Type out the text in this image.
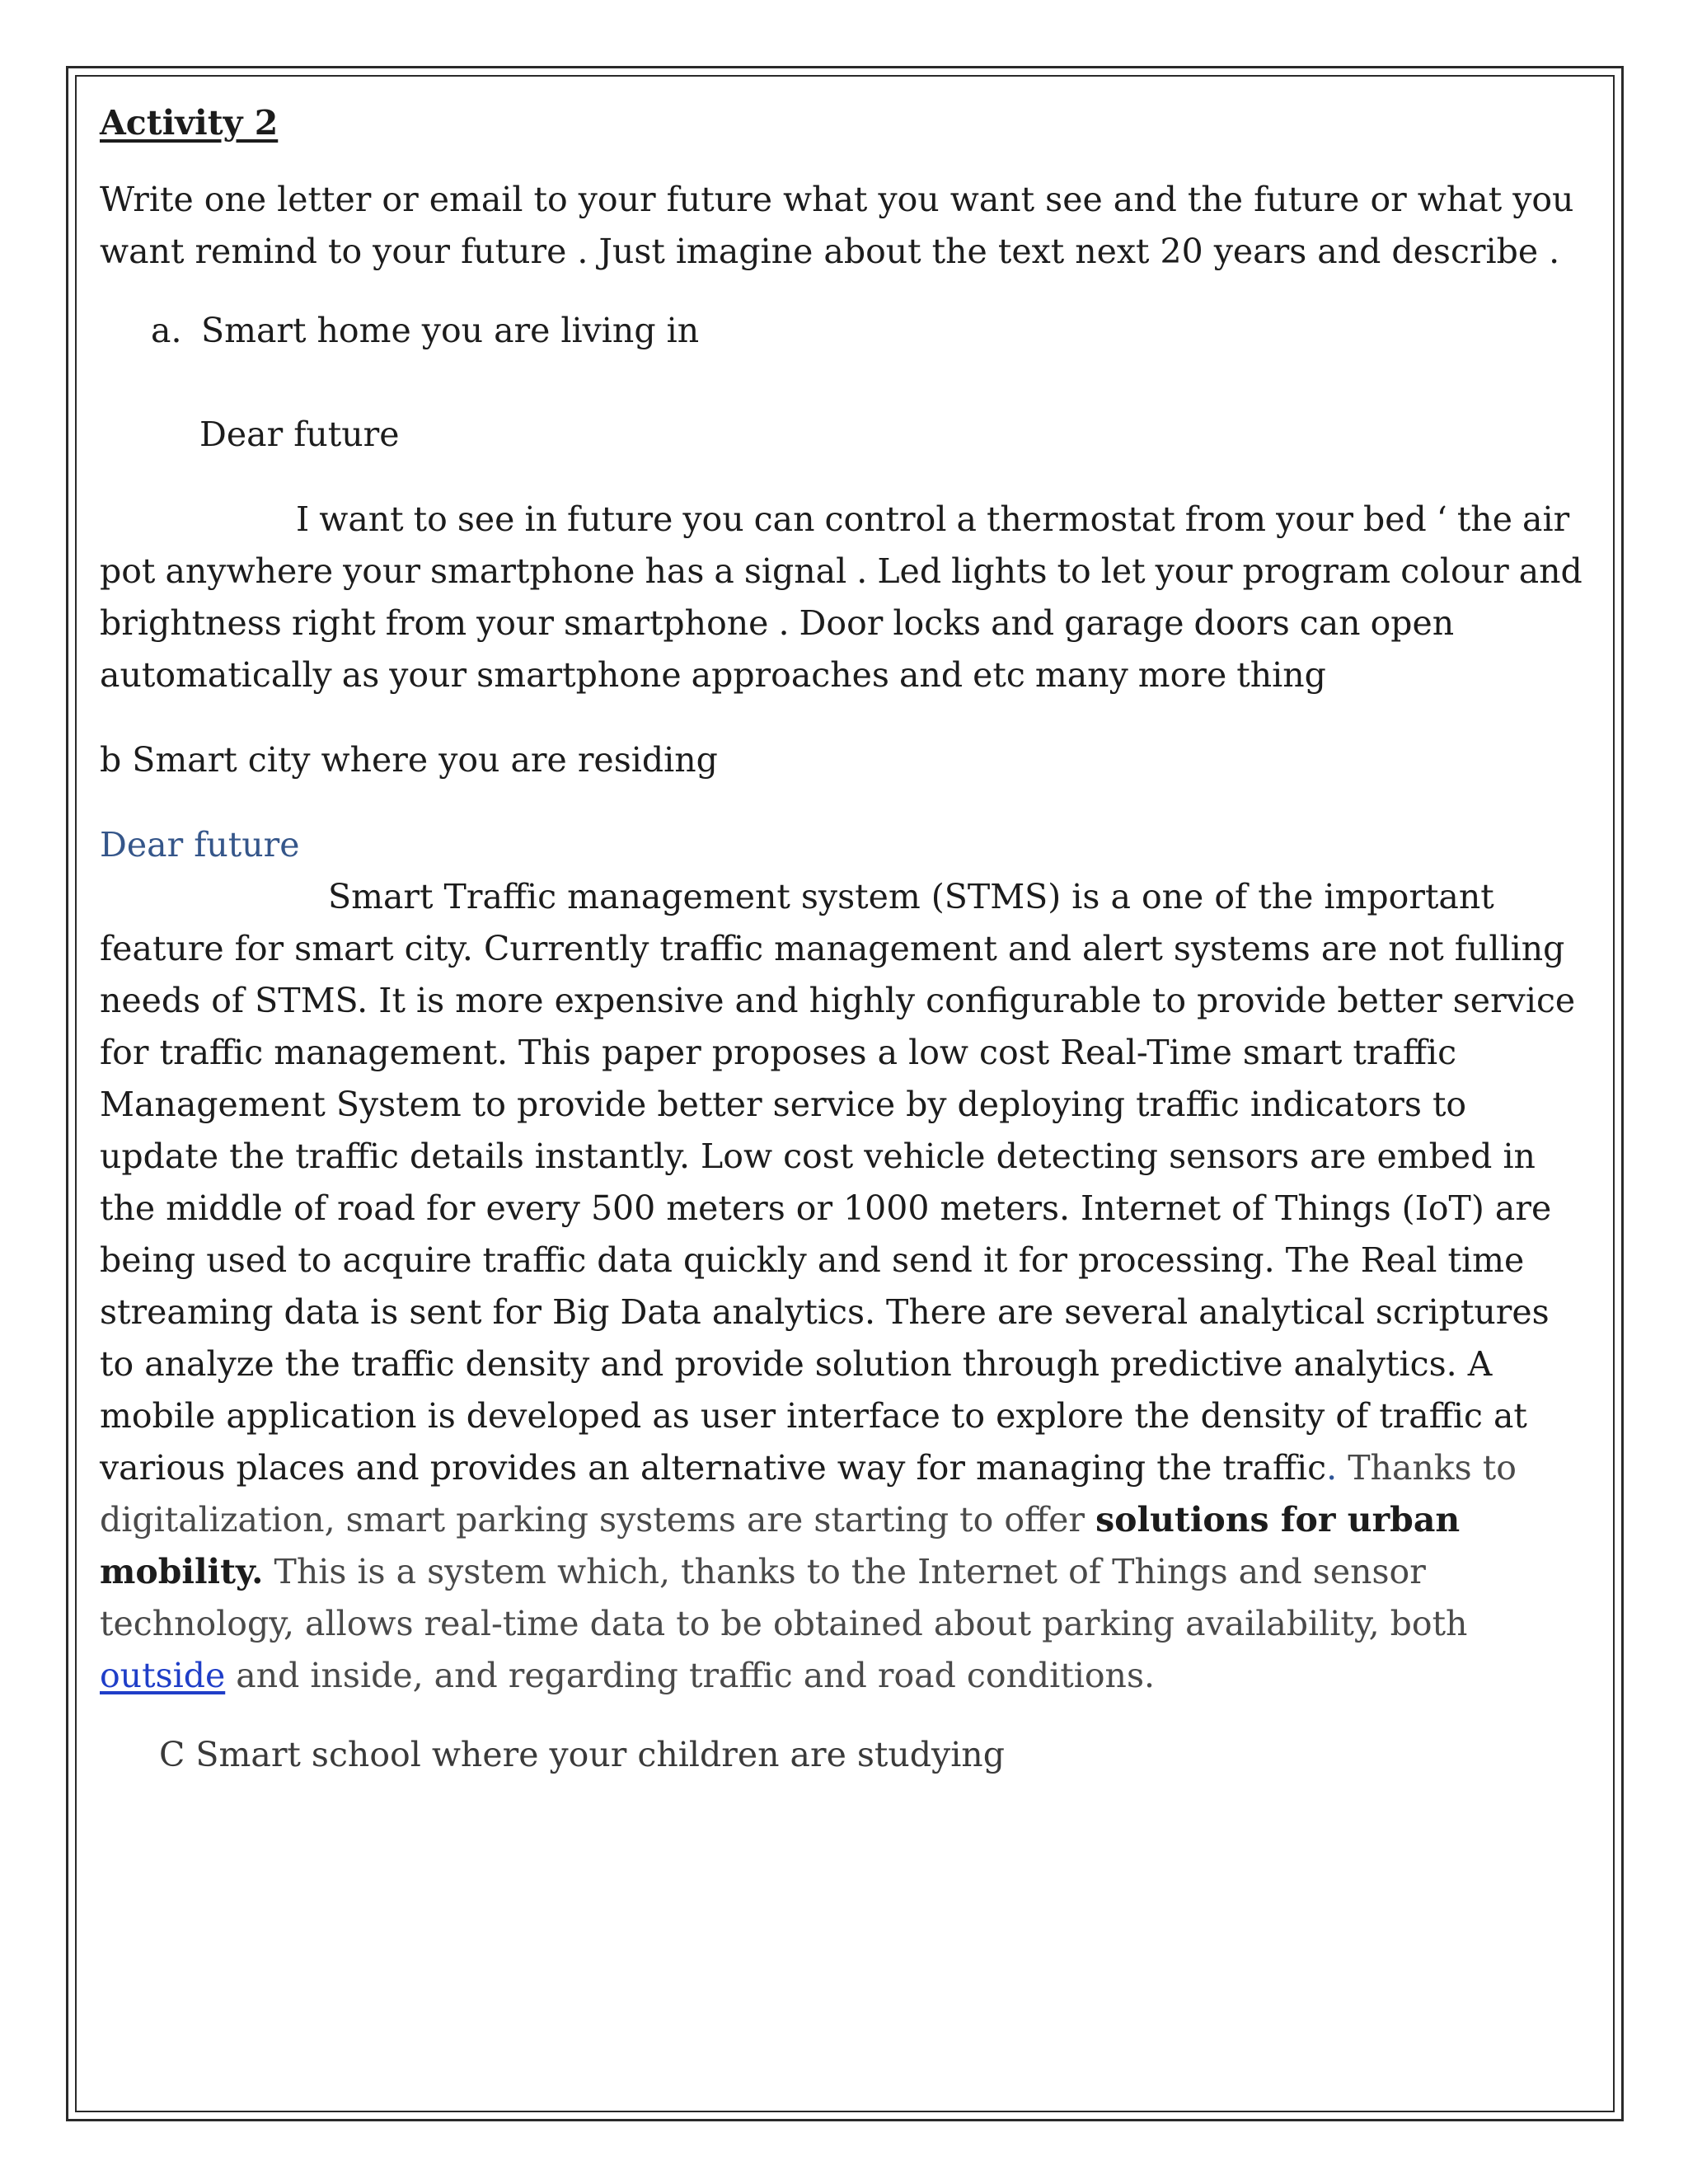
Activity 2

Write one letter or email to your future what you want see and the future or what you want remind to your future . Just imagine about the text next 20 years and describe .

a. Smart home you are living in

Dear future

I want to see in future you can control a thermostat from your bed ‘ the air pot anywhere your smartphone has a signal . Led lights to let your program colour and brightness right from your smartphone . Door locks and garage doors can open automatically as your smartphone approaches and etc many more thing

b Smart city where you are residing

Dear future

Smart Traffic management system (STMS) is a one of the important feature for smart city. Currently traffic management and alert systems are not fulling needs of STMS. It is more expensive and highly configurable to provide better service for traffic management. This paper proposes a low cost Real-Time smart traffic Management System to provide better service by deploying traffic indicators to update the traffic details instantly. Low cost vehicle detecting sensors are embed in the middle of road for every 500 meters or 1000 meters. Internet of Things (IoT) are being used to acquire traffic data quickly and send it for processing. The Real time streaming data is sent for Big Data analytics. There are several analytical scriptures to analyze the traffic density and provide solution through predictive analytics. A mobile application is developed as user interface to explore the density of traffic at various places and provides an alternative way for managing the traffic. Thanks to digitalization, smart parking systems are starting to offer solutions for urban mobility. This is a system which, thanks to the Internet of Things and sensor technology, allows real-time data to be obtained about parking availability, both outside and inside, and regarding traffic and road conditions.

C Smart school where your children are studying
